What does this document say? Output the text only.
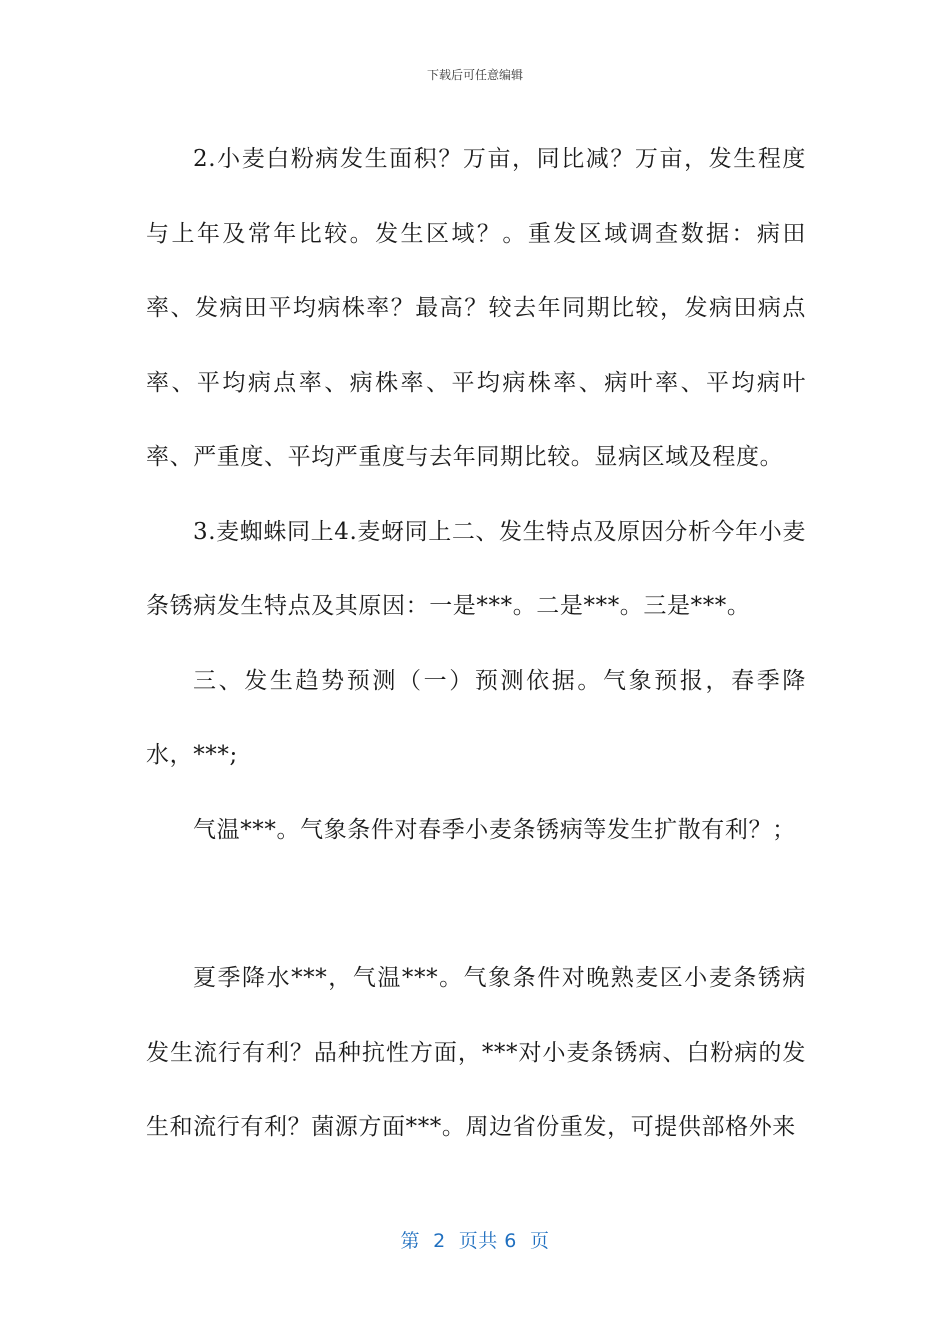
下载后可任意编辑

2.小麦白粉病发生面积？万亩，同比减？万亩，发生程度与上年及常年比较。发生区域？。重发区域调查数据：病田率、发病田平均病株率？最高？较去年同期比较，发病田病点率、平均病点率、病株率、平均病株率、病叶率、平均病叶率、严重度、平均严重度与去年同期比较。显病区域及程度。

3.麦蜘蛛同上4.麦蚜同上二、发生特点及原因分析今年小麦条锈病发生特点及其原因：一是***。二是***。三是***。

三、发生趋势预测（一）预测依据。气象预报，春季降水，***;

气温***。气象条件对春季小麦条锈病等发生扩散有利？；

夏季降水***，气温***。气象条件对晚熟麦区小麦条锈病发生流行有利？品种抗性方面，***对小麦条锈病、白粉病的发生和流行有利？菌源方面***。周边省份重发，可提供部格外来

第  2  页共 6  页
